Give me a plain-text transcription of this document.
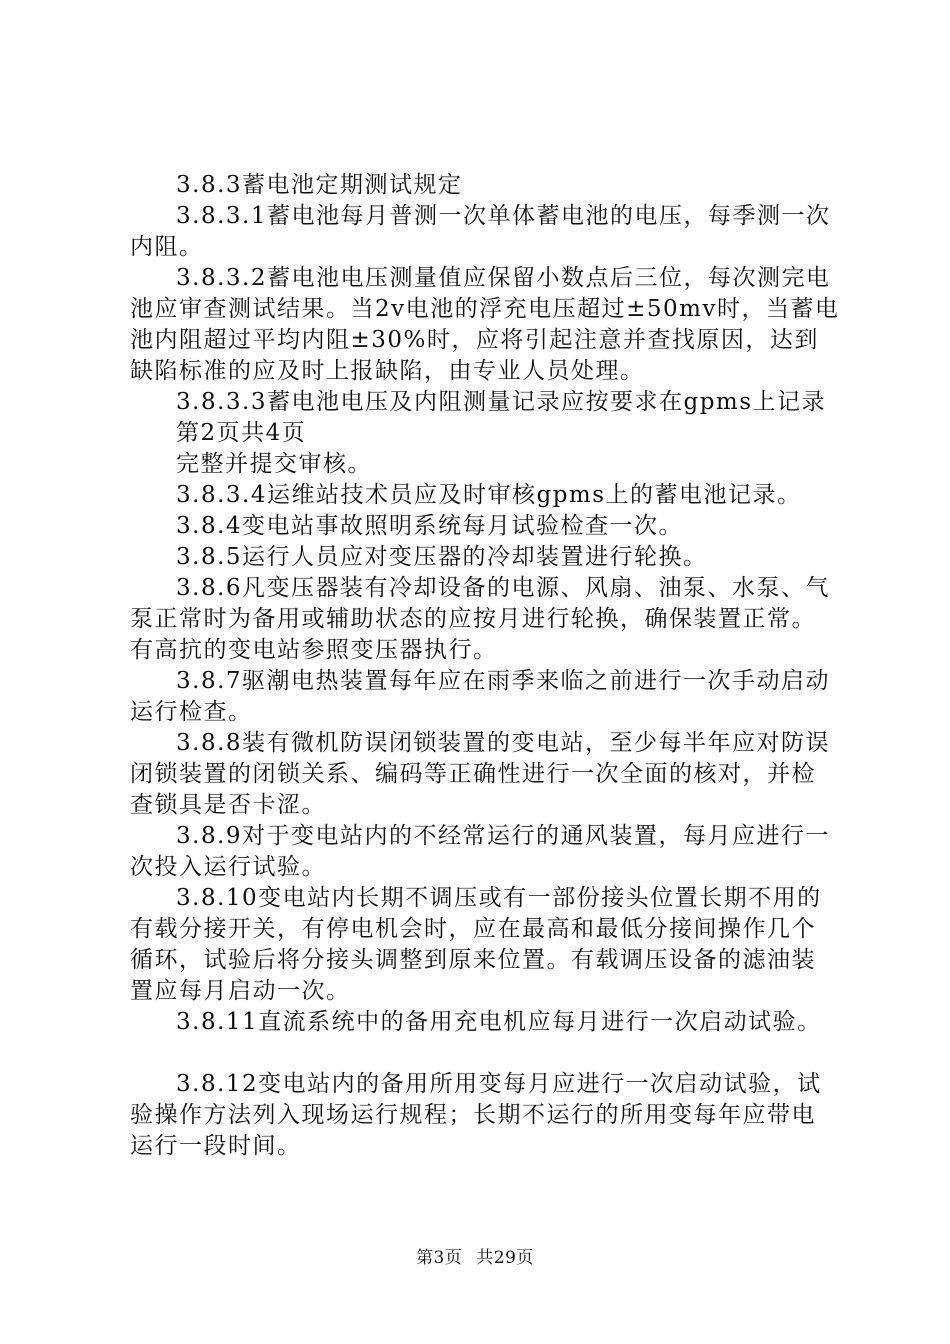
3.8.3蓄电池定期测试规定

3.8.3.1蓄电池每月普测一次单体蓄电池的电压，每季测一次内阻。

3.8.3.2蓄电池电压测量值应保留小数点后三位，每次测完电池应审查测试结果。当2v电池的浮充电压超过±50mv时，当蓄电池内阻超过平均内阻±30%时，应将引起注意并查找原因，达到缺陷标准的应及时上报缺陷，由专业人员处理。

3.8.3.3蓄电池电压及内阻测量记录应按要求在gpms上记录

第2页共4页

完整并提交审核。

3.8.3.4运维站技术员应及时审核gpms上的蓄电池记录。

3.8.4变电站事故照明系统每月试验检查一次。

3.8.5运行人员应对变压器的冷却装置进行轮换。

3.8.6凡变压器装有冷却设备的电源、风扇、油泵、水泵、气泵正常时为备用或辅助状态的应按月进行轮换，确保装置正常。有高抗的变电站参照变压器执行。

3.8.7驱潮电热装置每年应在雨季来临之前进行一次手动启动运行检查。

3.8.8装有微机防误闭锁装置的变电站，至少每半年应对防误闭锁装置的闭锁关系、编码等正确性进行一次全面的核对，并检查锁具是否卡涩。

3.8.9对于变电站内的不经常运行的通风装置，每月应进行一次投入运行试验。

3.8.10变电站内长期不调压或有一部份接头位置长期不用的有载分接开关，有停电机会时，应在最高和最低分接间操作几个循环，试验后将分接头调整到原来位置。有载调压设备的滤油装置应每月启动一次。

3.8.11直流系统中的备用充电机应每月进行一次启动试验。

3.8.12变电站内的备用所用变每月应进行一次启动试验，试验操作方法列入现场运行规程；长期不运行的所用变每年应带电运行一段时间。

第3页 共29页
